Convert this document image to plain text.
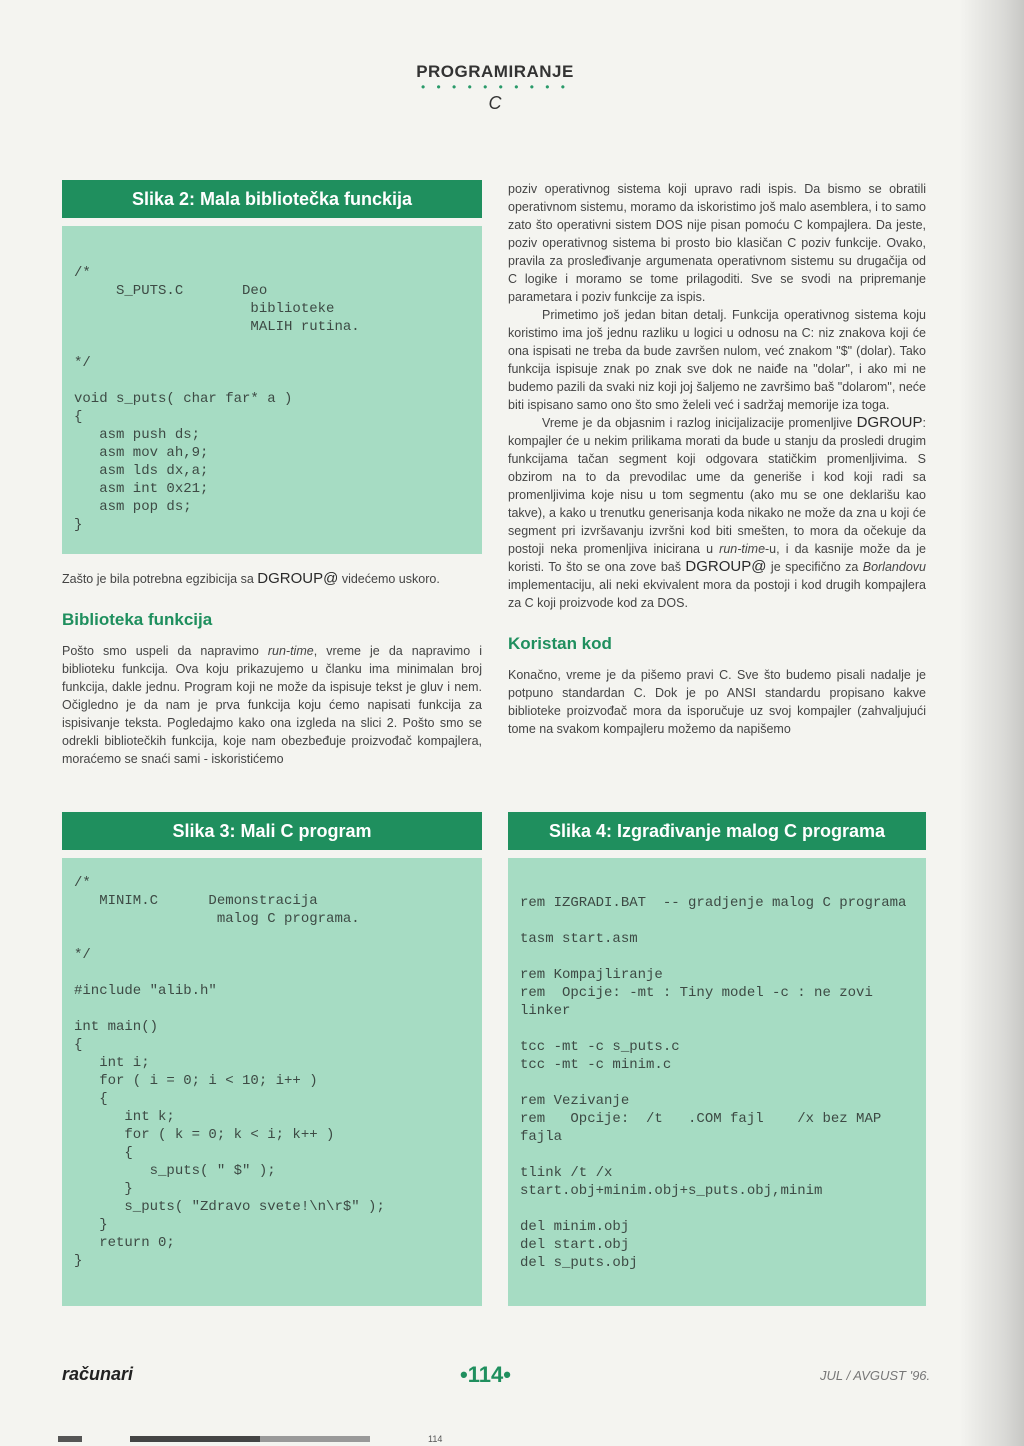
PROGRAMIRANJE
• • • • • • • • • •
C
Slika 2: Mala bibliotečka funckija
/*
S_PUTS.C       Deo
biblioteke
MALIH rutina.

*/

void s_puts( char far* a )
{
asm push ds;
asm mov ah,9;
asm lds dx,a;
asm int 0x21;
asm pop ds;
}

Zašto je bila potrebna egzibicija sa DGROUP@ videćemo uskoro.

Biblioteka funkcija

Pošto smo uspeli da napravimo run-time, vreme je da napravimo i biblioteku funkcija. Ova koju prikazujemo u članku ima minimalan broj funkcija, dakle jednu. Program koji ne može da ispisuje tekst je gluv i nem. Očigledno je da nam je prva funkcija koju ćemo napisati funkcija za ispisivanje teksta. Pogledajmo kako ona izgleda na slici 2. Pošto smo se odrekli bibliotečkih funkcija, koje nam obezbeđuje proizvođač kompajlera, moraćemo se snaći sami - iskoristićemo

poziv operativnog sistema koji upravo radi ispis. Da bismo se obratili operativnom sistemu, moramo da iskoristimo još malo asemblera, i to samo zato što operativni sistem DOS nije pisan pomoću C kompajlera. Da jeste, poziv operativnog sistema bi prosto bio klasičan C poziv funkcije. Ovako, pravila za prosleđivanje argumenata operativnom sistemu su drugačija od C logike i moramo se tome prilagoditi. Sve se svodi na pripremanje parametara i poziv funkcije za ispis.

Primetimo još jedan bitan detalj. Funkcija operativnog sistema koju koristimo ima još jednu razliku u logici u odnosu na C: niz znakova koji će ona ispisati ne treba da bude završen nulom, već znakom "$" (dolar). Tako funkcija ispisuje znak po znak sve dok ne naiđe na "dolar", i ako mi ne budemo pazili da svaki niz koji joj šaljemo ne završimo baš "dolarom", neće biti ispisano samo ono što smo želeli već i sadržaj memorije iza toga.

Vreme je da objasnim i razlog inicijalizacije promenljive DGROUP: kompajler će u nekim prilikama morati da bude u stanju da prosledi drugim funkcijama tačan segment koji odgovara statičkim promenljivima. S obzirom na to da prevodilac ume da generiše i kod koji radi sa promenljivima koje nisu u tom segmentu (ako mu se one deklarišu kao takve), a kako u trenutku generisanja koda nikako ne može da zna u koji će segment pri izvršavanju izvršni kod biti smešten, to mora da očekuje da postoji neka promenljiva inicirana u run-time-u, i da kasnije može da je koristi. To što se ona zove baš DGROUP@ je specifično za Borlandovu implementaciju, ali neki ekvivalent mora da postoji i kod drugih kompajlera za C koji proizvode kod za DOS.

Koristan kod

Konačno, vreme je da pišemo pravi C. Sve što budemo pisali nadalje je potpuno standardan C. Dok je po ANSI standardu propisano kakve biblioteke proizvođač mora da isporučuje uz svoj kompajler (zahvaljujući tome na svakom kompajleru možemo da napišemo

Slika 3: Mali C program
/*
MINIM.C      Demonstracija
malog C programa.

*/

#include "alib.h"

int main()
{
int i;
for ( i = 0; i < 10; i++ )
{
int k;
for ( k = 0; k < i; k++ )
{
s_puts( " $" );
}
s_puts( "Zdravo svete!\n\r$" );
}
return 0;
}
Slika 4: Izgrađivanje malog C programa
rem IZGRADI.BAT  -- gradjenje malog C programa

tasm start.asm

rem Kompajliranje
rem  Opcije: -mt : Tiny model -c : ne zovi
linker

tcc -mt -c s_puts.c
tcc -mt -c minim.c

rem Vezivanje
rem   Opcije:  /t   .COM fajl    /x bez MAP
fajla

tlink /t /x
start.obj+minim.obj+s_puts.obj,minim

del minim.obj
del start.obj
del s_puts.obj
računari	•114•	JUL / AVGUST '96.
114
